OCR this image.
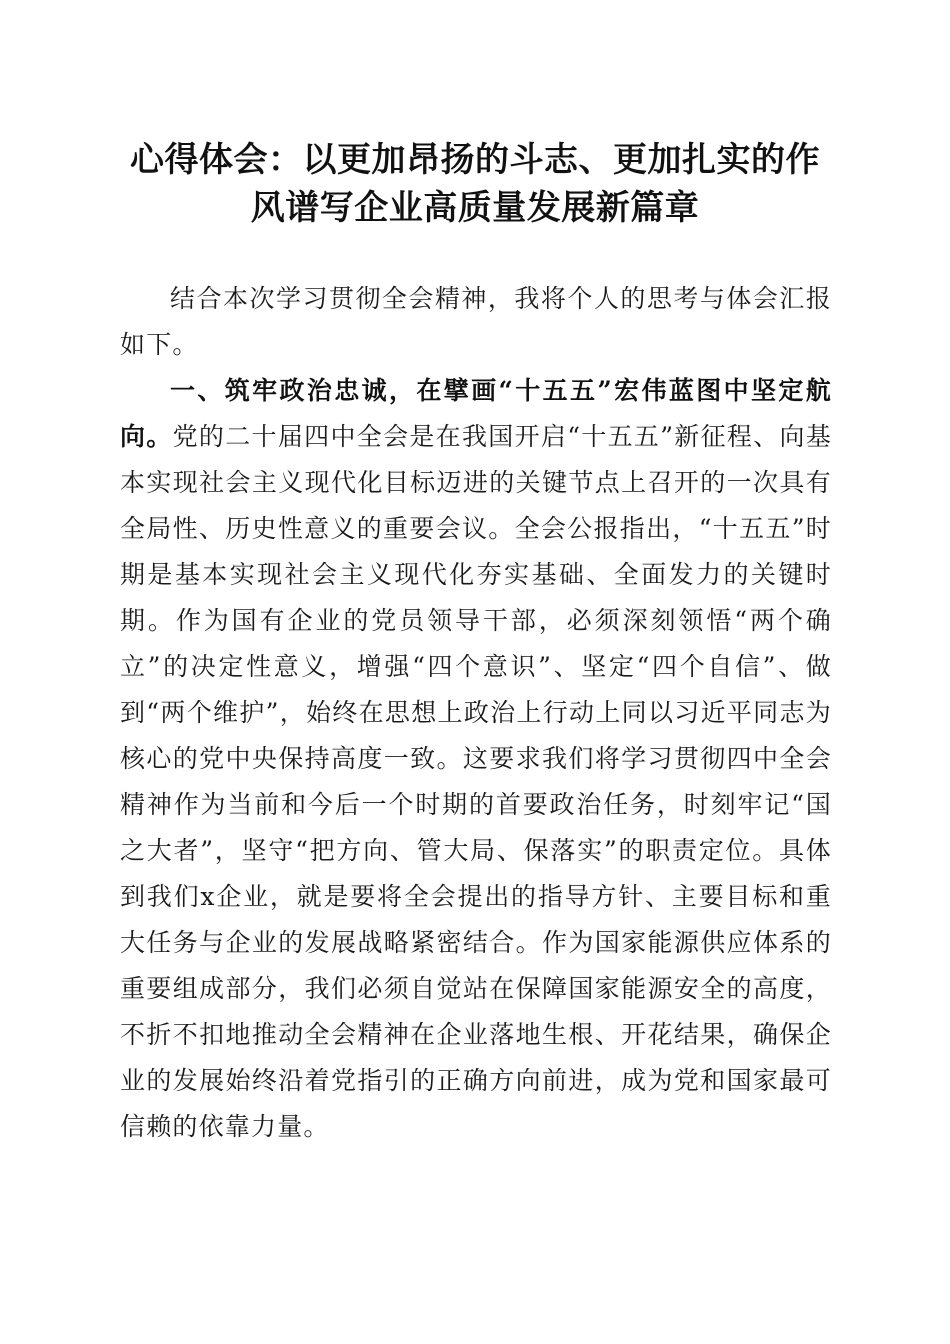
心得体会：以更加昂扬的斗志、更加扎实的作
风谱写企业高质量发展新篇章

结合本次学习贯彻全会精神，我将个人的思考与体会汇报如下。

一、筑牢政治忠诚，在擘画“十五五”宏伟蓝图中坚定航向。党的二十届四中全会是在我国开启“十五五”新征程、向基本实现社会主义现代化目标迈进的关键节点上召开的一次具有全局性、历史性意义的重要会议。全会公报指出，“十五五”时期是基本实现社会主义现代化夯实基础、全面发力的关键时期。作为国有企业的党员领导干部，必须深刻领悟“两个确立”的决定性意义，增强“四个意识”、坚定“四个自信”、做到“两个维护”，始终在思想上政治上行动上同以习近平同志为核心的党中央保持高度一致。这要求我们将学习贯彻四中全会精神作为当前和今后一个时期的首要政治任务，时刻牢记“国之大者”，坚守“把方向、管大局、保落实”的职责定位。具体到我们x企业，就是要将全会提出的指导方针、主要目标和重大任务与企业的发展战略紧密结合。作为国家能源供应体系的重要组成部分，我们必须自觉站在保障国家能源安全的高度，不折不扣地推动全会精神在企业落地生根、开花结果，确保企业的发展始终沿着党指引的正确方向前进，成为党和国家最可信赖的依靠力量。
